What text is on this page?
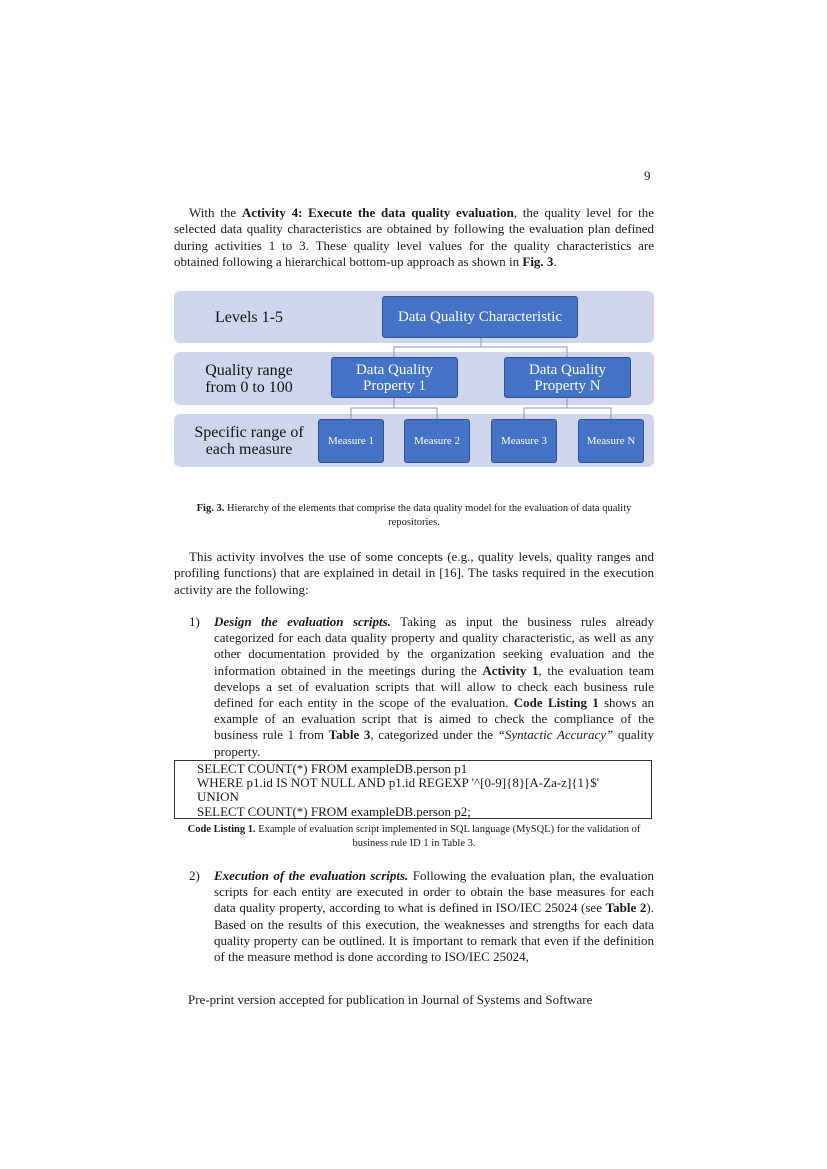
9

With the Activity 4: Execute the data quality evaluation, the quality level for the selected data quality characteristics are obtained by following the evaluation plan defined during activities 1 to 3. These quality level values for the quality characteristics are obtained following a hierarchical bottom-up approach as shown in Fig. 3.

Levels 1-5
Quality range
from 0 to 100
Specific range of
each measure
Data Quality Characteristic
Data Quality
Property 1
Data Quality
Property N
Measure 1	Measure 2	Measure 3	Measure N
Fig. 3. Hierarchy of the elements that comprise the data quality model for the evaluation of data quality repositories.

This activity involves the use of some concepts (e.g., quality levels, quality ranges and profiling functions) that are explained in detail in [16]. The tasks required in the execution activity are the following:

1) Design the evaluation scripts. Taking as input the business rules already categorized for each data quality property and quality characteristic, as well as any other documentation provided by the organization seeking evaluation and the information obtained in the meetings during the Activity 1, the evaluation team develops a set of evaluation scripts that will allow to check each business rule defined for each entity in the scope of the evaluation. Code Listing 1 shows an example of an evaluation script that is aimed to check the compliance of the business rule 1 from Table 3, categorized under the “Syntactic Accuracy” quality property.
SELECT COUNT(*) FROM exampleDB.person p1
WHERE p1.id IS NOT NULL AND p1.id REGEXP '^[0-9]{8}[A-Za-z]{1}$'
UNION
SELECT COUNT(*) FROM exampleDB.person p2;
Code Listing 1. Example of evaluation script implemented in SQL language (MySQL) for the validation of business rule ID 1 in Table 3.
2) Execution of the evaluation scripts. Following the evaluation plan, the evaluation scripts for each entity are executed in order to obtain the base measures for each data quality property, according to what is defined in ISO/IEC 25024 (see Table 2). Based on the results of this execution, the weaknesses and strengths for each data quality property can be outlined. It is important to remark that even if the definition of the measure method is done according to ISO/IEC 25024,
Pre-print version accepted for publication in Journal of Systems and Software
